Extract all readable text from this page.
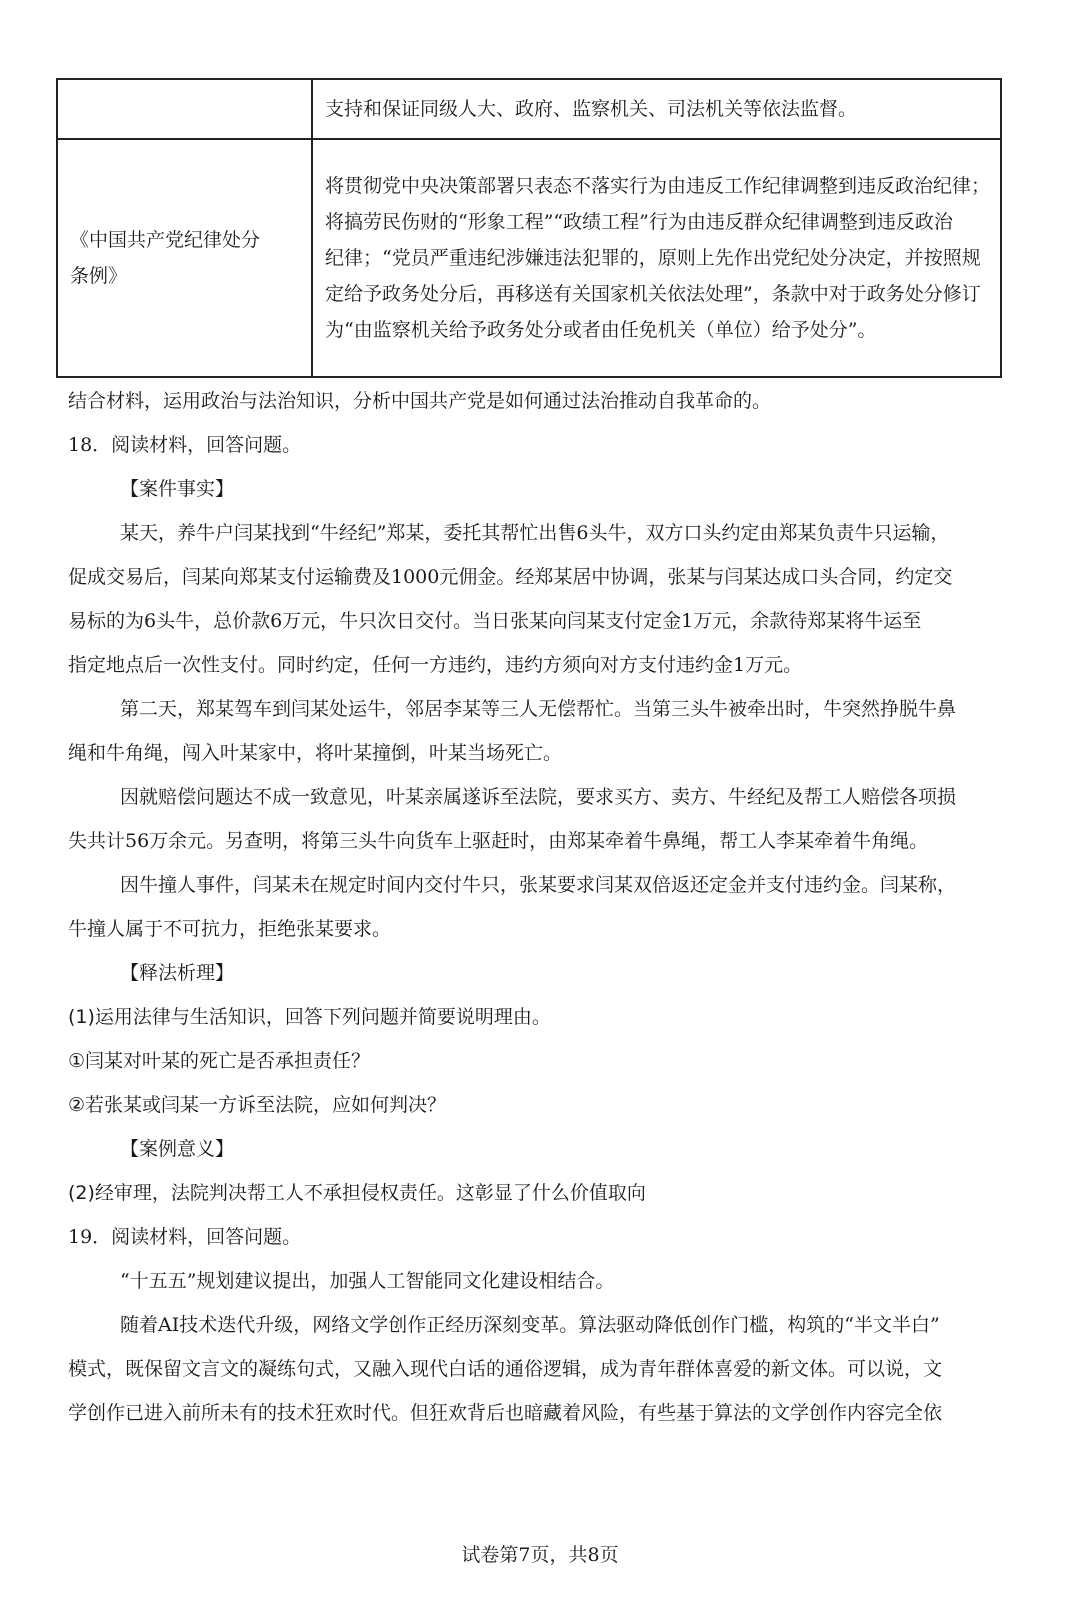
	支持和保证同级人大、政府、监察机关、司法机关等依法监督。

《中国共产党纪律处分
条例》	将贯彻党中央决策部署只表态不落实行为由违反工作纪律调整到违反政治纪律；
将搞劳民伤财的“形象工程”“政绩工程”行为由违反群众纪律调整到违反政治
纪律；“党员严重违纪涉嫌违法犯罪的，原则上先作出党纪处分决定，并按照规
定给予政务处分后，再移送有关国家机关依法处理”，条款中对于政务处分修订
为“由监察机关给予政务处分或者由任免机关（单位）给予处分”。
结合材料，运用政治与法治知识，分析中国共产党是如何通过法治推动自我革命的。
18．阅读材料，回答问题。
【案件事实】
某天，养牛户闫某找到“牛经纪”郑某，委托其帮忙出售6头牛，双方口头约定由郑某负责牛只运输，
促成交易后，闫某向郑某支付运输费及1000元佣金。经郑某居中协调，张某与闫某达成口头合同，约定交
易标的为6头牛，总价款6万元，牛只次日交付。当日张某向闫某支付定金1万元，余款待郑某将牛运至
指定地点后一次性支付。同时约定，任何一方违约，违约方须向对方支付违约金1万元。
第二天，郑某驾车到闫某处运牛，邻居李某等三人无偿帮忙。当第三头牛被牵出时，牛突然挣脱牛鼻
绳和牛角绳，闯入叶某家中，将叶某撞倒，叶某当场死亡。
因就赔偿问题达不成一致意见，叶某亲属遂诉至法院，要求买方、卖方、牛经纪及帮工人赔偿各项损
失共计56万余元。另查明，将第三头牛向货车上驱赶时，由郑某牵着牛鼻绳，帮工人李某牵着牛角绳。
因牛撞人事件，闫某未在规定时间内交付牛只，张某要求闫某双倍返还定金并支付违约金。闫某称，
牛撞人属于不可抗力，拒绝张某要求。
【释法析理】
(1)运用法律与生活知识，回答下列问题并简要说明理由。
①闫某对叶某的死亡是否承担责任？
②若张某或闫某一方诉至法院，应如何判决？
【案例意义】
(2)经审理，法院判决帮工人不承担侵权责任。这彰显了什么价值取向
19．阅读材料，回答问题。
“十五五”规划建议提出，加强人工智能同文化建设相结合。
随着AI技术迭代升级，网络文学创作正经历深刻变革。算法驱动降低创作门槛，构筑的“半文半白”
模式，既保留文言文的凝练句式，又融入现代白话的通俗逻辑，成为青年群体喜爱的新文体。可以说，文
学创作已进入前所未有的技术狂欢时代。但狂欢背后也暗藏着风险，有些基于算法的文学创作内容完全依
试卷第7页，共8页
